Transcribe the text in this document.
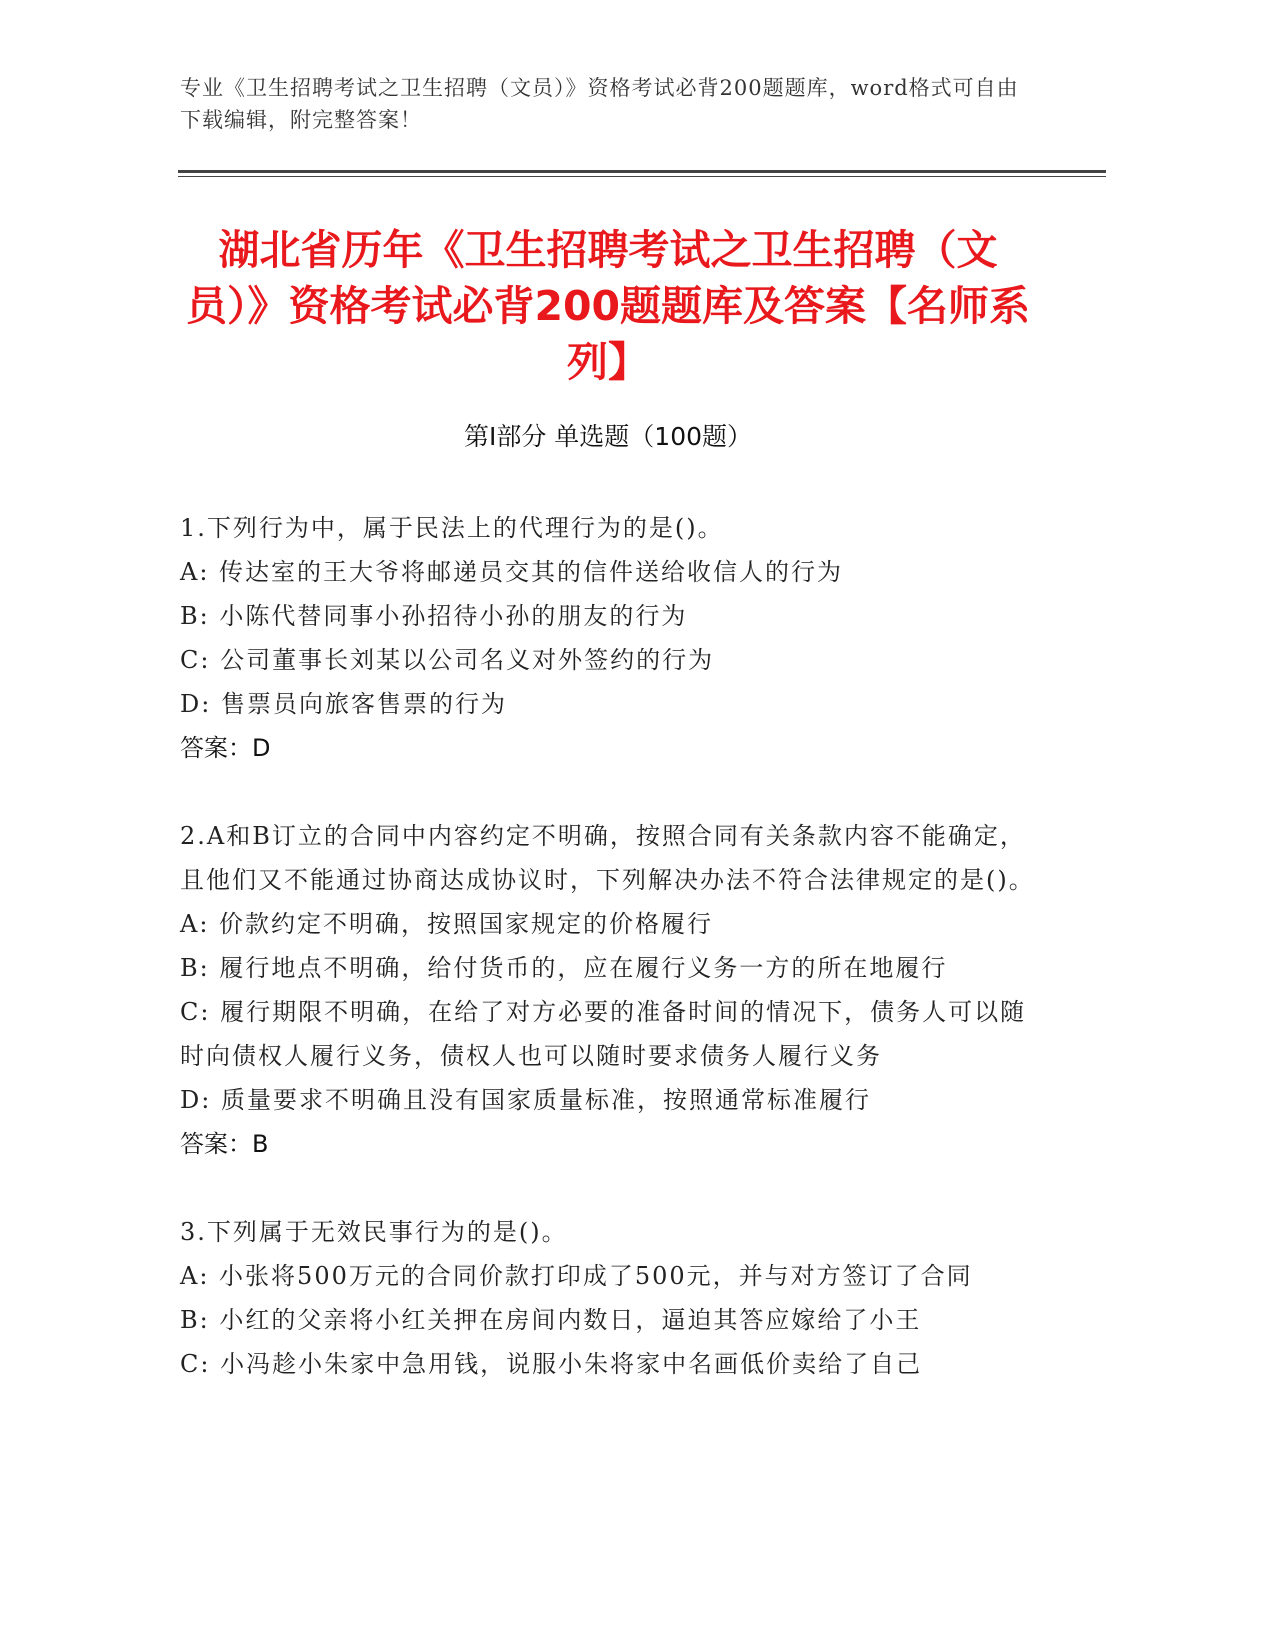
专业《卫生招聘考试之卫生招聘（文员）》资格考试必背200题题库，word格式可自由下载编辑，附完整答案！
湖北省历年《卫生招聘考试之卫生招聘（文员）》资格考试必背200题题库及答案【名师系列】
第Ⅰ部分 单选题（100题）
1.下列行为中，属于民法上的代理行为的是()。
A: 传达室的王大爷将邮递员交其的信件送给收信人的行为
B: 小陈代替同事小孙招待小孙的朋友的行为
C: 公司董事长刘某以公司名义对外签约的行为
D: 售票员向旅客售票的行为
答案：D
2.A和B订立的合同中内容约定不明确，按照合同有关条款内容不能确定，且他们又不能通过协商达成协议时，下列解决办法不符合法律规定的是()。
A: 价款约定不明确，按照国家规定的价格履行
B: 履行地点不明确，给付货币的，应在履行义务一方的所在地履行
C: 履行期限不明确，在给了对方必要的准备时间的情况下，债务人可以随时向债权人履行义务，债权人也可以随时要求债务人履行义务
D: 质量要求不明确且没有国家质量标准，按照通常标准履行
答案：B
3.下列属于无效民事行为的是()。
A: 小张将500万元的合同价款打印成了500元，并与对方签订了合同
B: 小红的父亲将小红关押在房间内数日，逼迫其答应嫁给了小王
C: 小冯趁小朱家中急用钱，说服小朱将家中名画低价卖给了自己
